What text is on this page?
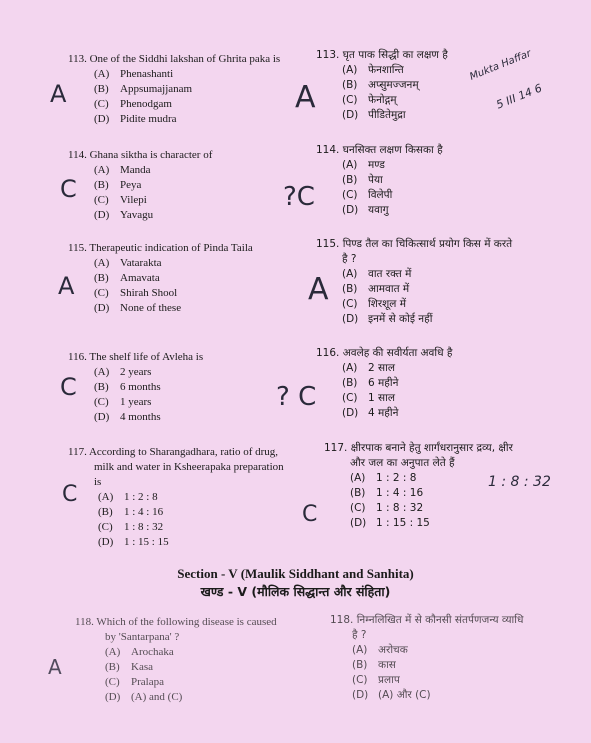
113. One of the Siddhi lakshan of Ghrita paka is
(A) Phenashanti
(B) Appsumajjanam
(C) Phenodgam
(D) Pidite mudra
114. Ghana sikthа is character of
(A) Manda
(B) Peya
(C) Vilepi
(D) Yavagu
115. Therapeutic indication of Pinda Taila
(A) Vatarakta
(B) Amavata
(C) Shirah Shool
(D) None of these
116. The shelf life of Avleha is
(A) 2 years
(B) 6 months
(C) 1 years
(D) 4 months
117. According to Sharangadhara, ratio of drug,
milk and water in Ksheerapaka preparation
is
(A) 1 : 2 : 8
(B) 1 : 4 : 16
(C) 1 : 8 : 32
(D) 1 : 15 : 15
118. Which of the following disease is caused
by 'Santarpana' ?
(A) Arochaka
(B) Kasa
(C) Pralapa
(D) (A) and (C)
113. घृत पाक सिद्धी का लक्षण है
(A) फेनशान्ति
(B) अप्सुमज्जनम्
(C) फेनोद्गम्
(D) पीडितेमुद्रा
114. घनसिक्त लक्षण किसका है
(A) मण्ड
(B) पेया
(C) विलेपी
(D) यवागु
115. पिण्ड तैल का चिकित्सार्थ प्रयोग किस में करते
है ?
(A) वात रक्त में
(B) आमवात में
(C) शिरशूल में
(D) इनमें से कोई नहीं
116. अवलेह की सवीर्यता अवधि है
(A) 2 साल
(B) 6 महीने
(C) 1 साल
(D) 4 महीने
117. क्षीरपाक बनाने हेतु शार्गंधरानुसार द्रव्य, क्षीर
और जल का अनुपात लेते हैं
(A) 1 : 2 : 8
(B) 1 : 4 : 16
(C) 1 : 8 : 32
(D) 1 : 15 : 15
118. निम्नलिखित में से कौनसी संतर्पणजन्य व्याधि
है ?
(A) अरोचक
(B) कास
(C) प्रलाप
(D) (A) और (C)
Section - V (Maulik Siddhant and Sanhita)
खण्ड - V (मौलिक सिद्धान्त और संहिता)
A	A
C	?C
A	A
C	? C
C
C
1 : 8 : 32
A
Mukta Haffar
5 III 14 6
